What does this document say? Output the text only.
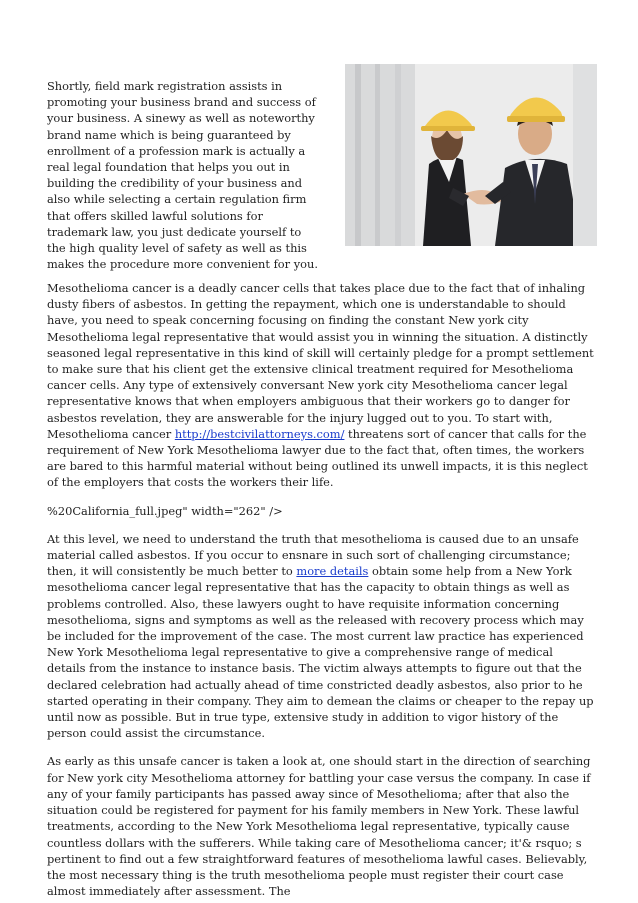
Shortly, field mark registration assists in promoting your business brand and success of your business. A sinewy as well as noteworthy brand name which is being guaranteed by enrollment of a profession mark is actually a real legal foundation that helps you out in building the credibility of your business and also while selecting a certain regulation firm that offers skilled lawful solutions for trademark law, you just dedicate yourself to the high quality level of safety as well as this makes the procedure more convenient for you.

Mesothelioma cancer is a deadly cancer cells that takes place due to the fact that of inhaling dusty fibers of asbestos. In getting the repayment, which one is understandable to should have, you need to speak concerning focusing on finding the constant New york city Mesothelioma legal representative that would assist you in winning the situation. A distinctly seasoned legal representative in this kind of skill will certainly pledge for a prompt settlement to make sure that his client get the extensive clinical treatment required for Mesothelioma cancer cells. Any type of extensively conversant New york city Mesothelioma cancer legal representative knows that when employers ambiguous that their workers go to danger for asbestos revelation, they are answerable for the injury lugged out to you. To start with, Mesothelioma cancer http://bestcivilattorneys.com/ threatens sort of cancer that calls for the requirement of New York Mesothelioma lawyer due to the fact that, often times, the workers are bared to this harmful material without being outlined its unwell impacts, it is this neglect of the employers that costs the workers their life.

%20California_full.jpeg" width="262" />

At this level, we need to understand the truth that mesothelioma is caused due to an unsafe material called asbestos. If you occur to ensnare in such sort of challenging circumstance; then, it will consistently be much better to more details obtain some help from a New York mesothelioma cancer legal representative that has the capacity to obtain things as well as problems controlled. Also, these lawyers ought to have requisite information concerning mesothelioma, signs and symptoms as well as the released with recovery process which may be included for the improvement of the case. The most current law practice has experienced New York Mesothelioma legal representative to give a comprehensive range of medical details from the instance to instance basis. The victim always attempts to figure out that the declared celebration had actually ahead of time constricted deadly asbestos, also prior to he started operating in their company. They aim to demean the claims or cheaper to the repay up until now as possible. But in true type, extensive study in addition to vigor history of the person could assist the circumstance.

As early as this unsafe cancer is taken a look at, one should start in the direction of searching for New york city Mesothelioma attorney for battling your case versus the company. In case if any of your family participants has passed away since of Mesothelioma; after that also the situation could be registered for payment for his family members in New York. These lawful treatments, according to the New York Mesothelioma legal representative, typically cause countless dollars with the sufferers. While taking care of Mesothelioma cancer; it'& rsquo; s pertinent to find out a few straightforward features of mesothelioma lawful cases. Believably, the most necessary thing is the truth mesothelioma people must register their court case almost immediately after assessment. The
